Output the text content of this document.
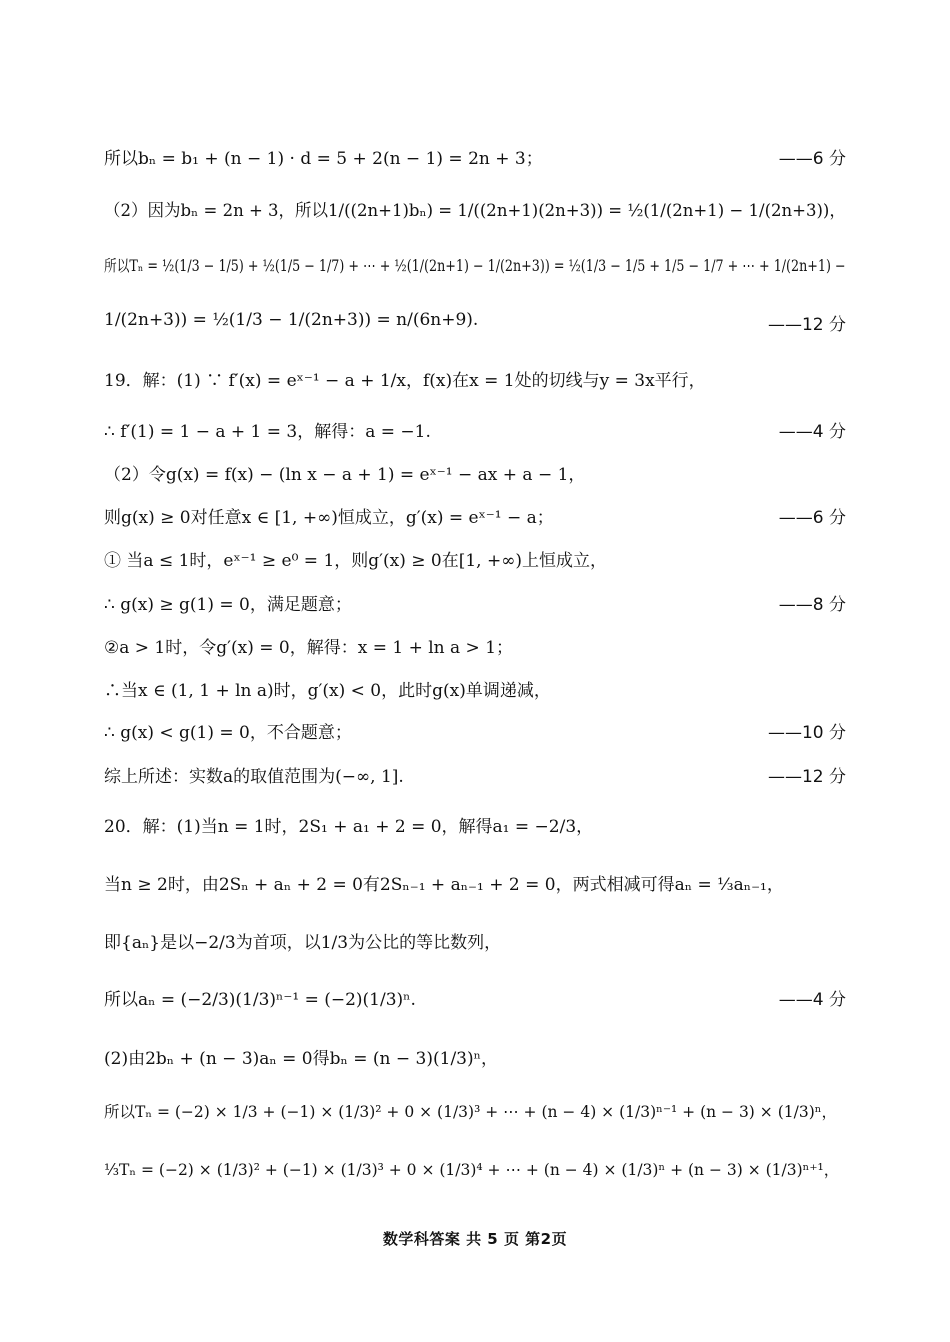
所以bₙ = b₁ + (n − 1) · d = 5 + 2(n − 1) = 2n + 3；	——6 分
（2）因为bₙ = 2n + 3，所以1/((2n+1)bₙ) = 1/((2n+1)(2n+3)) = ½(1/(2n+1) − 1/(2n+3))，
所以Tₙ = ½(1/3 − 1/5) + ½(1/5 − 1/7) + ⋯ + ½(1/(2n+1) − 1/(2n+3)) = ½(1/3 − 1/5 + 1/5 − 1/7 + ⋯ + 1/(2n+1) −
1/(2n+3)) = ½(1/3 − 1/(2n+3)) = n/(6n+9).	——12 分
19．解：(1) ∵ f′(x) = eˣ⁻¹ − a + 1/x，f(x)在x = 1处的切线与y = 3x平行，
∴ f′(1) = 1 − a + 1 = 3，解得：a = −1.	——4 分
（2）令g(x) = f(x) − (ln x − a + 1) = eˣ⁻¹ − ax + a − 1，
则g(x) ≥ 0对任意x ∈ [1, +∞)恒成立，g′(x) = eˣ⁻¹ − a；	——6 分
① 当a ≤ 1时，eˣ⁻¹ ≥ e⁰ = 1，则g′(x) ≥ 0在[1, +∞)上恒成立，
∴ g(x) ≥ g(1) = 0，满足题意；	——8 分
②a > 1时，令g′(x) = 0，解得：x = 1 + ln a > 1；
∴当x ∈ (1, 1 + ln a)时，g′(x) < 0，此时g(x)单调递减，
∴ g(x) < g(1) = 0，不合题意；	——10 分
综上所述：实数a的取值范围为(−∞, 1].	——12 分
20．解：(1)当n = 1时，2S₁ + a₁ + 2 = 0，解得a₁ = −2/3，
当n ≥ 2时，由2Sₙ + aₙ + 2 = 0有2Sₙ₋₁ + aₙ₋₁ + 2 = 0，两式相减可得aₙ = ⅓aₙ₋₁，
即{aₙ}是以−2/3为首项，以1/3为公比的等比数列，
所以aₙ = (−2/3)(1/3)ⁿ⁻¹ = (−2)(1/3)ⁿ.	——4 分
(2)由2bₙ + (n − 3)aₙ = 0得bₙ = (n − 3)(1/3)ⁿ，
所以Tₙ = (−2) × 1/3 + (−1) × (1/3)² + 0 × (1/3)³ + ⋯ + (n − 4) × (1/3)ⁿ⁻¹ + (n − 3) × (1/3)ⁿ，
⅓Tₙ = (−2) × (1/3)² + (−1) × (1/3)³ + 0 × (1/3)⁴ + ⋯ + (n − 4) × (1/3)ⁿ + (n − 3) × (1/3)ⁿ⁺¹，
数学科答案 共 5 页 第2页
